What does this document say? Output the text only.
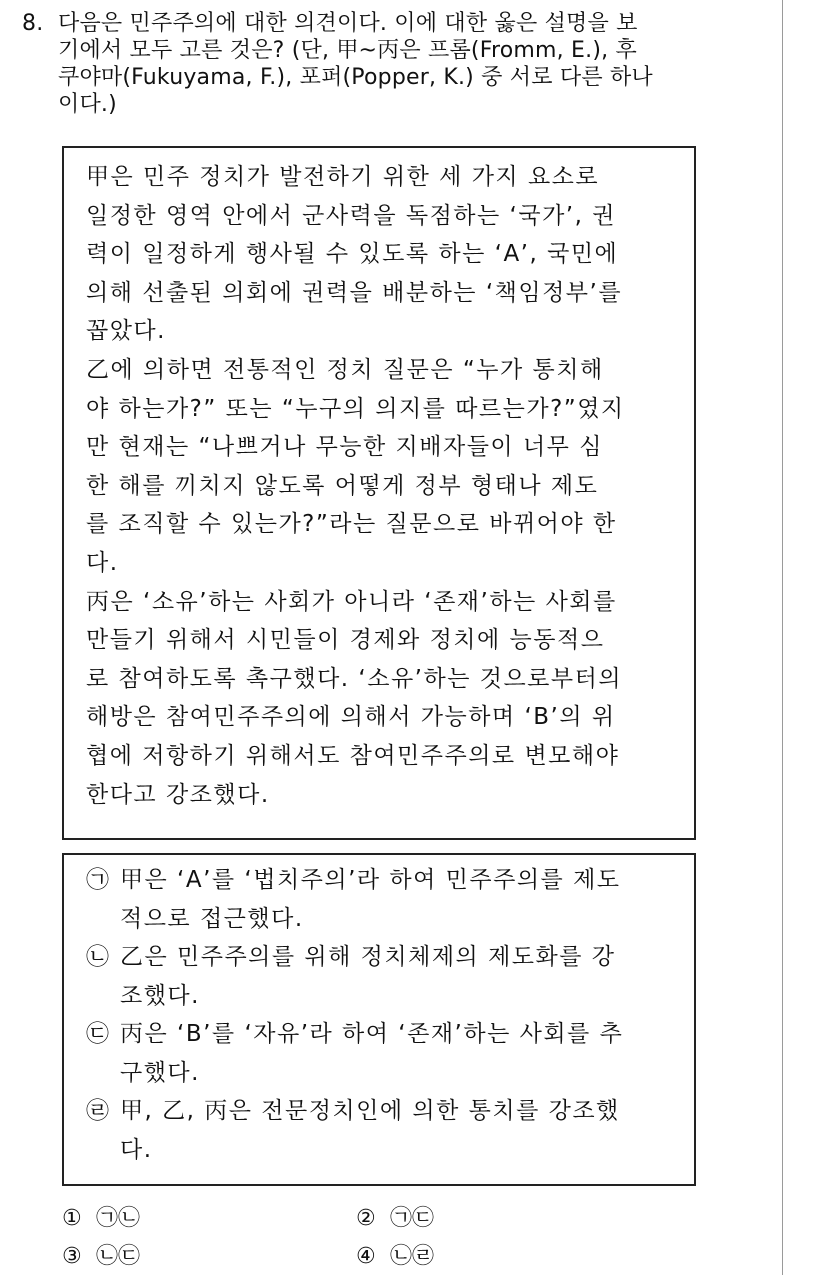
8. 다음은 민주주의에 대한 의견이다. 이에 대한 옳은 설명을 보
기에서 모두 고른 것은? (단, 甲~丙은 프롬(Fromm, E.), 후
쿠야마(Fukuyama, F.), 포퍼(Popper, K.) 중 서로 다른 하나
이다.)
甲은 민주 정치가 발전하기 위한 세 가지 요소로
일정한 영역 안에서 군사력을 독점하는 ‘국가’, 권
력이 일정하게 행사될 수 있도록 하는 ‘A’, 국민에
의해 선출된 의회에 권력을 배분하는 ‘책임정부’를
꼽았다.
乙에 의하면 전통적인 정치 질문은 “누가 통치해
야 하는가?” 또는 “누구의 의지를 따르는가?”였지
만 현재는 “나쁘거나 무능한 지배자들이 너무 심
한 해를 끼치지 않도록 어떻게 정부 형태나 제도
를 조직할 수 있는가?”라는 질문으로 바뀌어야 한
다.
丙은 ‘소유’하는 사회가 아니라 ‘존재’하는 사회를
만들기 위해서 시민들이 경제와 정치에 능동적으
로 참여하도록 촉구했다. ‘소유’하는 것으로부터의
해방은 참여민주주의에 의해서 가능하며 ‘B’의 위
협에 저항하기 위해서도 참여민주주의로 변모해야
한다고 강조했다.
㉠ 甲은 ‘A’를 ‘법치주의’라 하여 민주주의를 제도
적으로 접근했다.
㉡ 乙은 민주주의를 위해 정치체제의 제도화를 강
조했다.
㉢ 丙은 ‘B’를 ‘자유’라 하여 ‘존재’하는 사회를 추
구했다.
㉣ 甲, 乙, 丙은 전문정치인에 의한 통치를 강조했
다.
① ㉠㉡	② ㉠㉢
③ ㉡㉢	④ ㉡㉣
